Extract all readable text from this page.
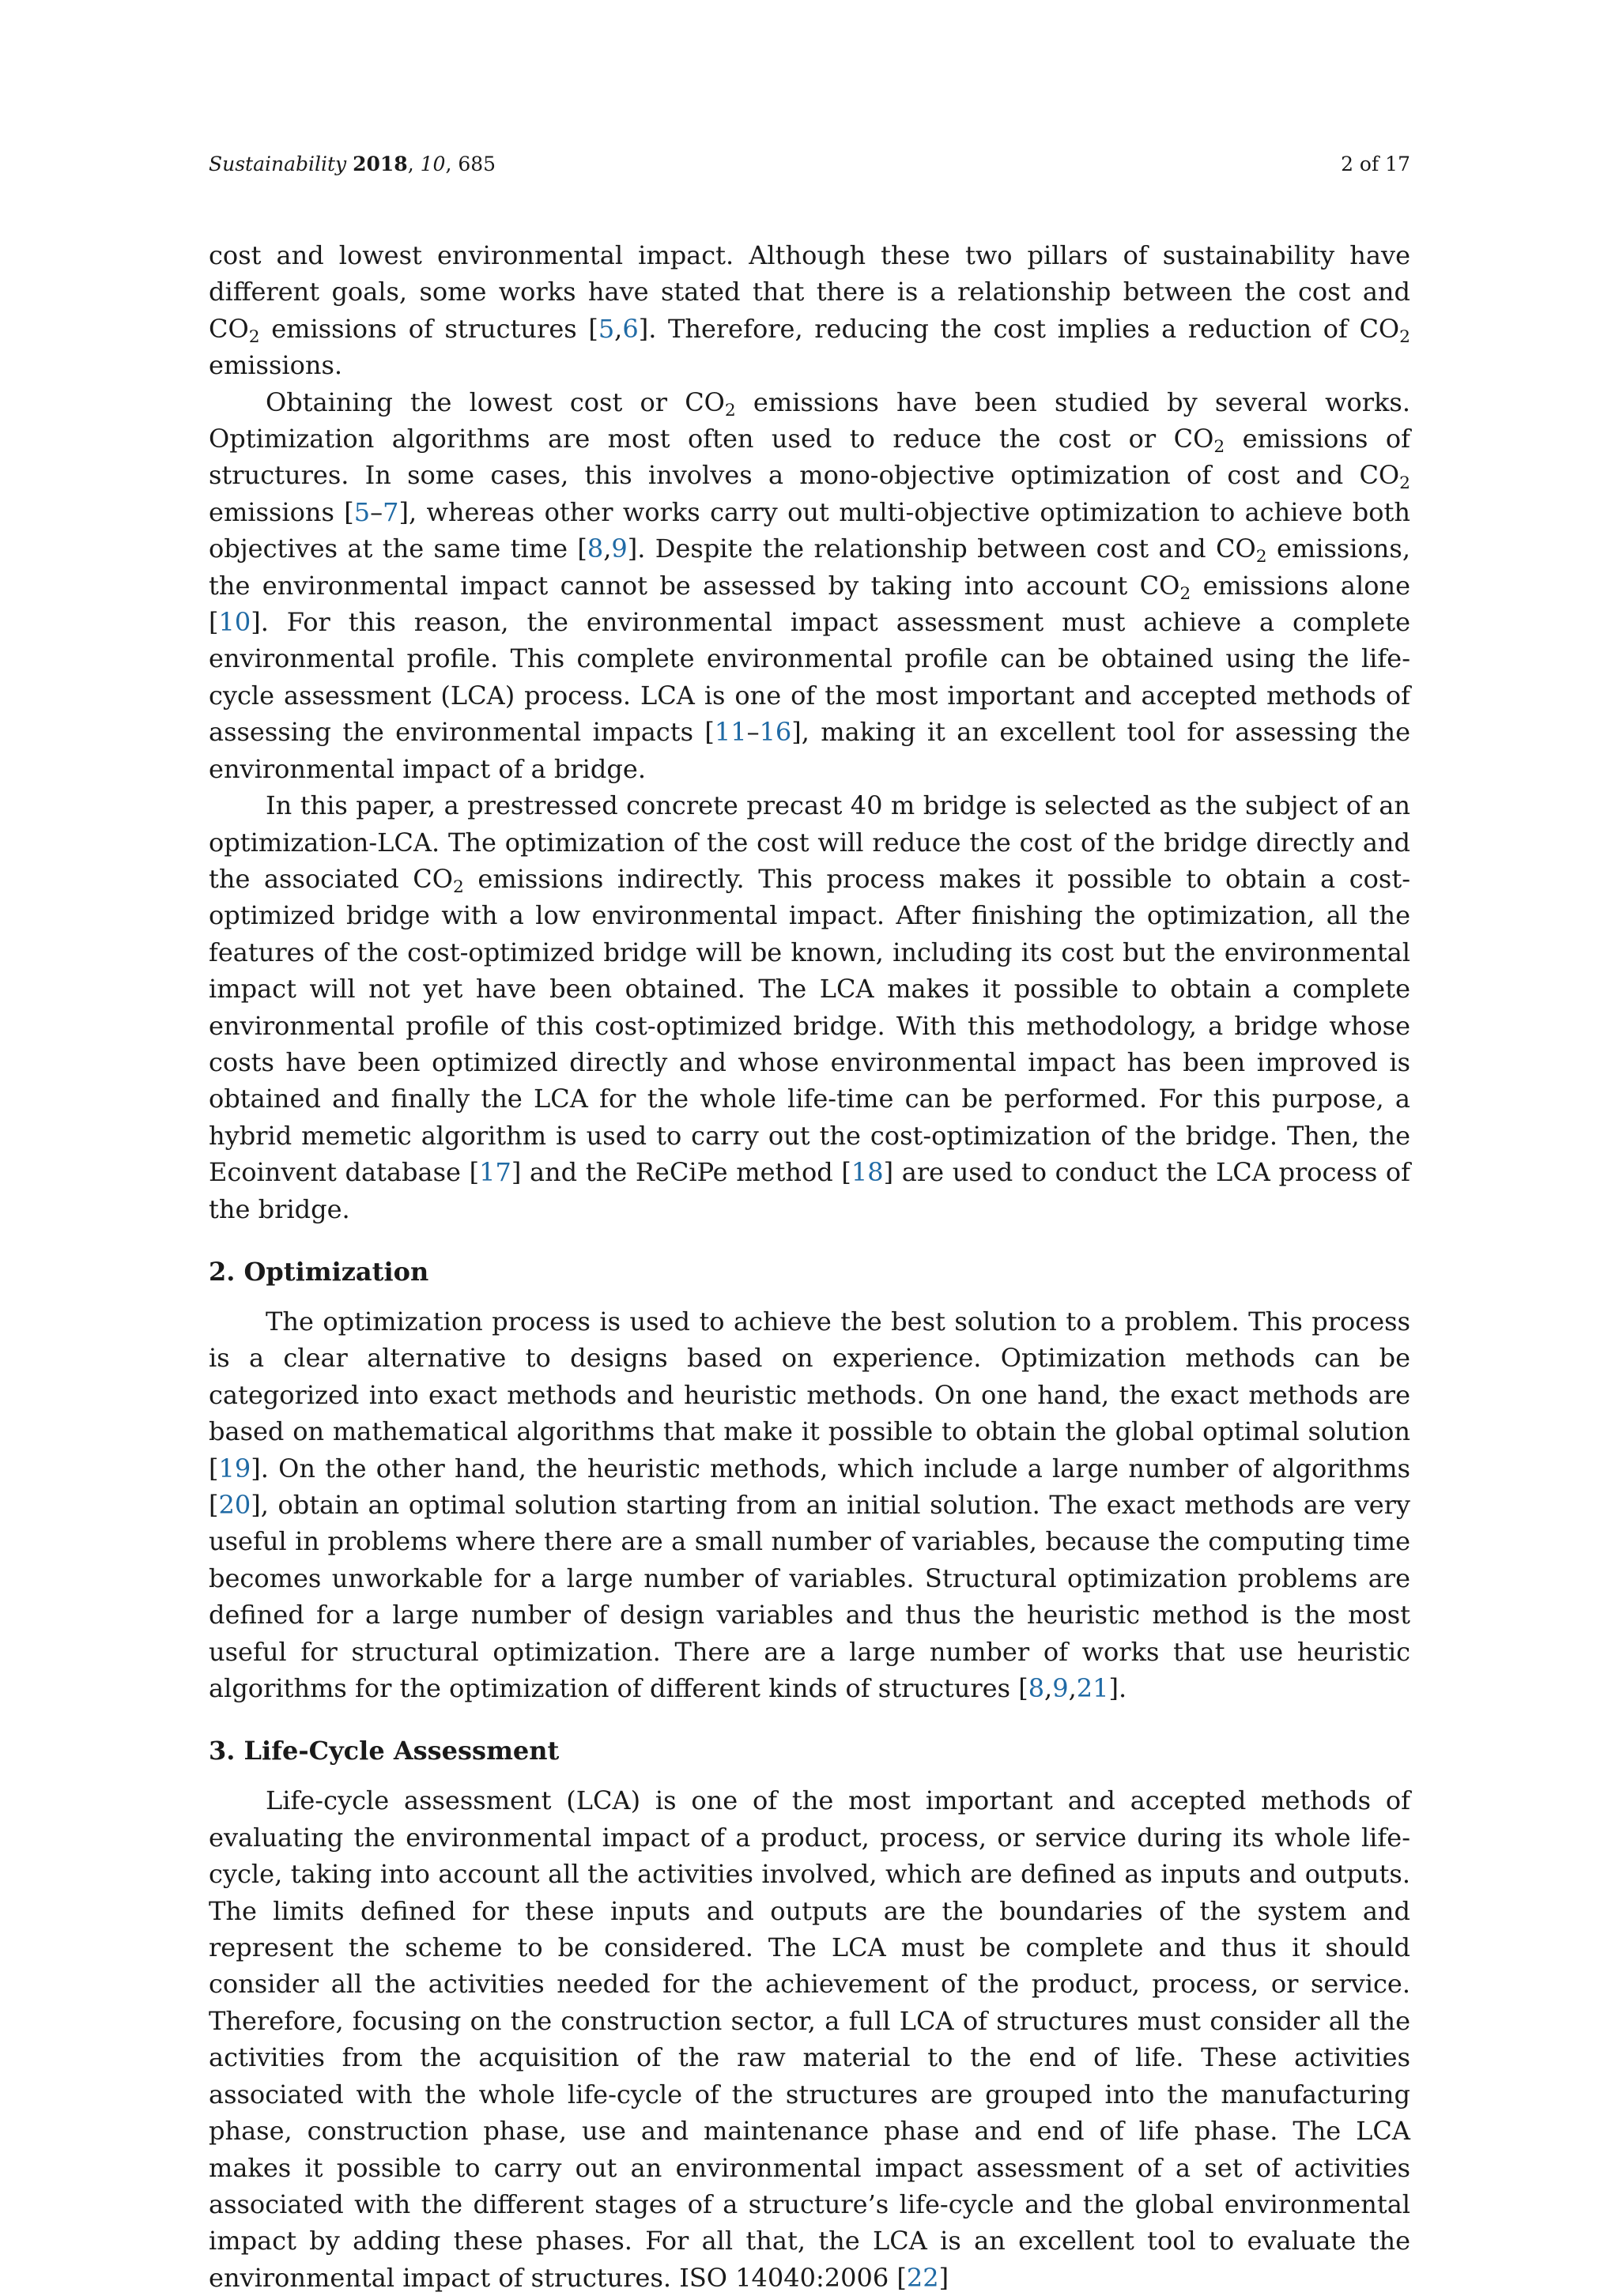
Sustainability 2018, 10, 685	2 of 17

cost and lowest environmental impact. Although these two pillars of sustainability have different goals, some works have stated that there is a relationship between the cost and $CO_2$ emissions of structures [5,6]. Therefore, reducing the cost implies a reduction of $CO_2$ emissions.

Obtaining the lowest cost or $CO_2$ emissions have been studied by several works. Optimization algorithms are most often used to reduce the cost or $CO_2$ emissions of structures. In some cases, this involves a mono-objective optimization of cost and $CO_2$ emissions [5–7], whereas other works carry out multi-objective optimization to achieve both objectives at the same time [8,9]. Despite the relationship between cost and $CO_2$ emissions, the environmental impact cannot be assessed by taking into account $CO_2$ emissions alone [10]. For this reason, the environmental impact assessment must achieve a complete environmental profile. This complete environmental profile can be obtained using the life-cycle assessment (LCA) process. LCA is one of the most important and accepted methods of assessing the environmental impacts [11–16], making it an excellent tool for assessing the environmental impact of a bridge.

In this paper, a prestressed concrete precast 40 m bridge is selected as the subject of an optimization-LCA. The optimization of the cost will reduce the cost of the bridge directly and the associated $CO_2$ emissions indirectly. This process makes it possible to obtain a cost-optimized bridge with a low environmental impact. After finishing the optimization, all the features of the cost-optimized bridge will be known, including its cost but the environmental impact will not yet have been obtained. The LCA makes it possible to obtain a complete environmental profile of this cost-optimized bridge. With this methodology, a bridge whose costs have been optimized directly and whose environmental impact has been improved is obtained and finally the LCA for the whole life-time can be performed. For this purpose, a hybrid memetic algorithm is used to carry out the cost-optimization of the bridge. Then, the Ecoinvent database [17] and the ReCiPe method [18] are used to conduct the LCA process of the bridge.

2. Optimization

The optimization process is used to achieve the best solution to a problem. This process is a clear alternative to designs based on experience. Optimization methods can be categorized into exact methods and heuristic methods. On one hand, the exact methods are based on mathematical algorithms that make it possible to obtain the global optimal solution [19]. On the other hand, the heuristic methods, which include a large number of algorithms [20], obtain an optimal solution starting from an initial solution. The exact methods are very useful in problems where there are a small number of variables, because the computing time becomes unworkable for a large number of variables. Structural optimization problems are defined for a large number of design variables and thus the heuristic method is the most useful for structural optimization. There are a large number of works that use heuristic algorithms for the optimization of different kinds of structures [8,9,21].

3. Life-Cycle Assessment

Life-cycle assessment (LCA) is one of the most important and accepted methods of evaluating the environmental impact of a product, process, or service during its whole life-cycle, taking into account all the activities involved, which are defined as inputs and outputs. The limits defined for these inputs and outputs are the boundaries of the system and represent the scheme to be considered. The LCA must be complete and thus it should consider all the activities needed for the achievement of the product, process, or service. Therefore, focusing on the construction sector, a full LCA of structures must consider all the activities from the acquisition of the raw material to the end of life. These activities associated with the whole life-cycle of the structures are grouped into the manufacturing phase, construction phase, use and maintenance phase and end of life phase. The LCA makes it possible to carry out an environmental impact assessment of a set of activities associated with the different stages of a structure’s life-cycle and the global environmental impact by adding these phases. For all that, the LCA is an excellent tool to evaluate the environmental impact of structures. ISO 14040:2006 [22]
